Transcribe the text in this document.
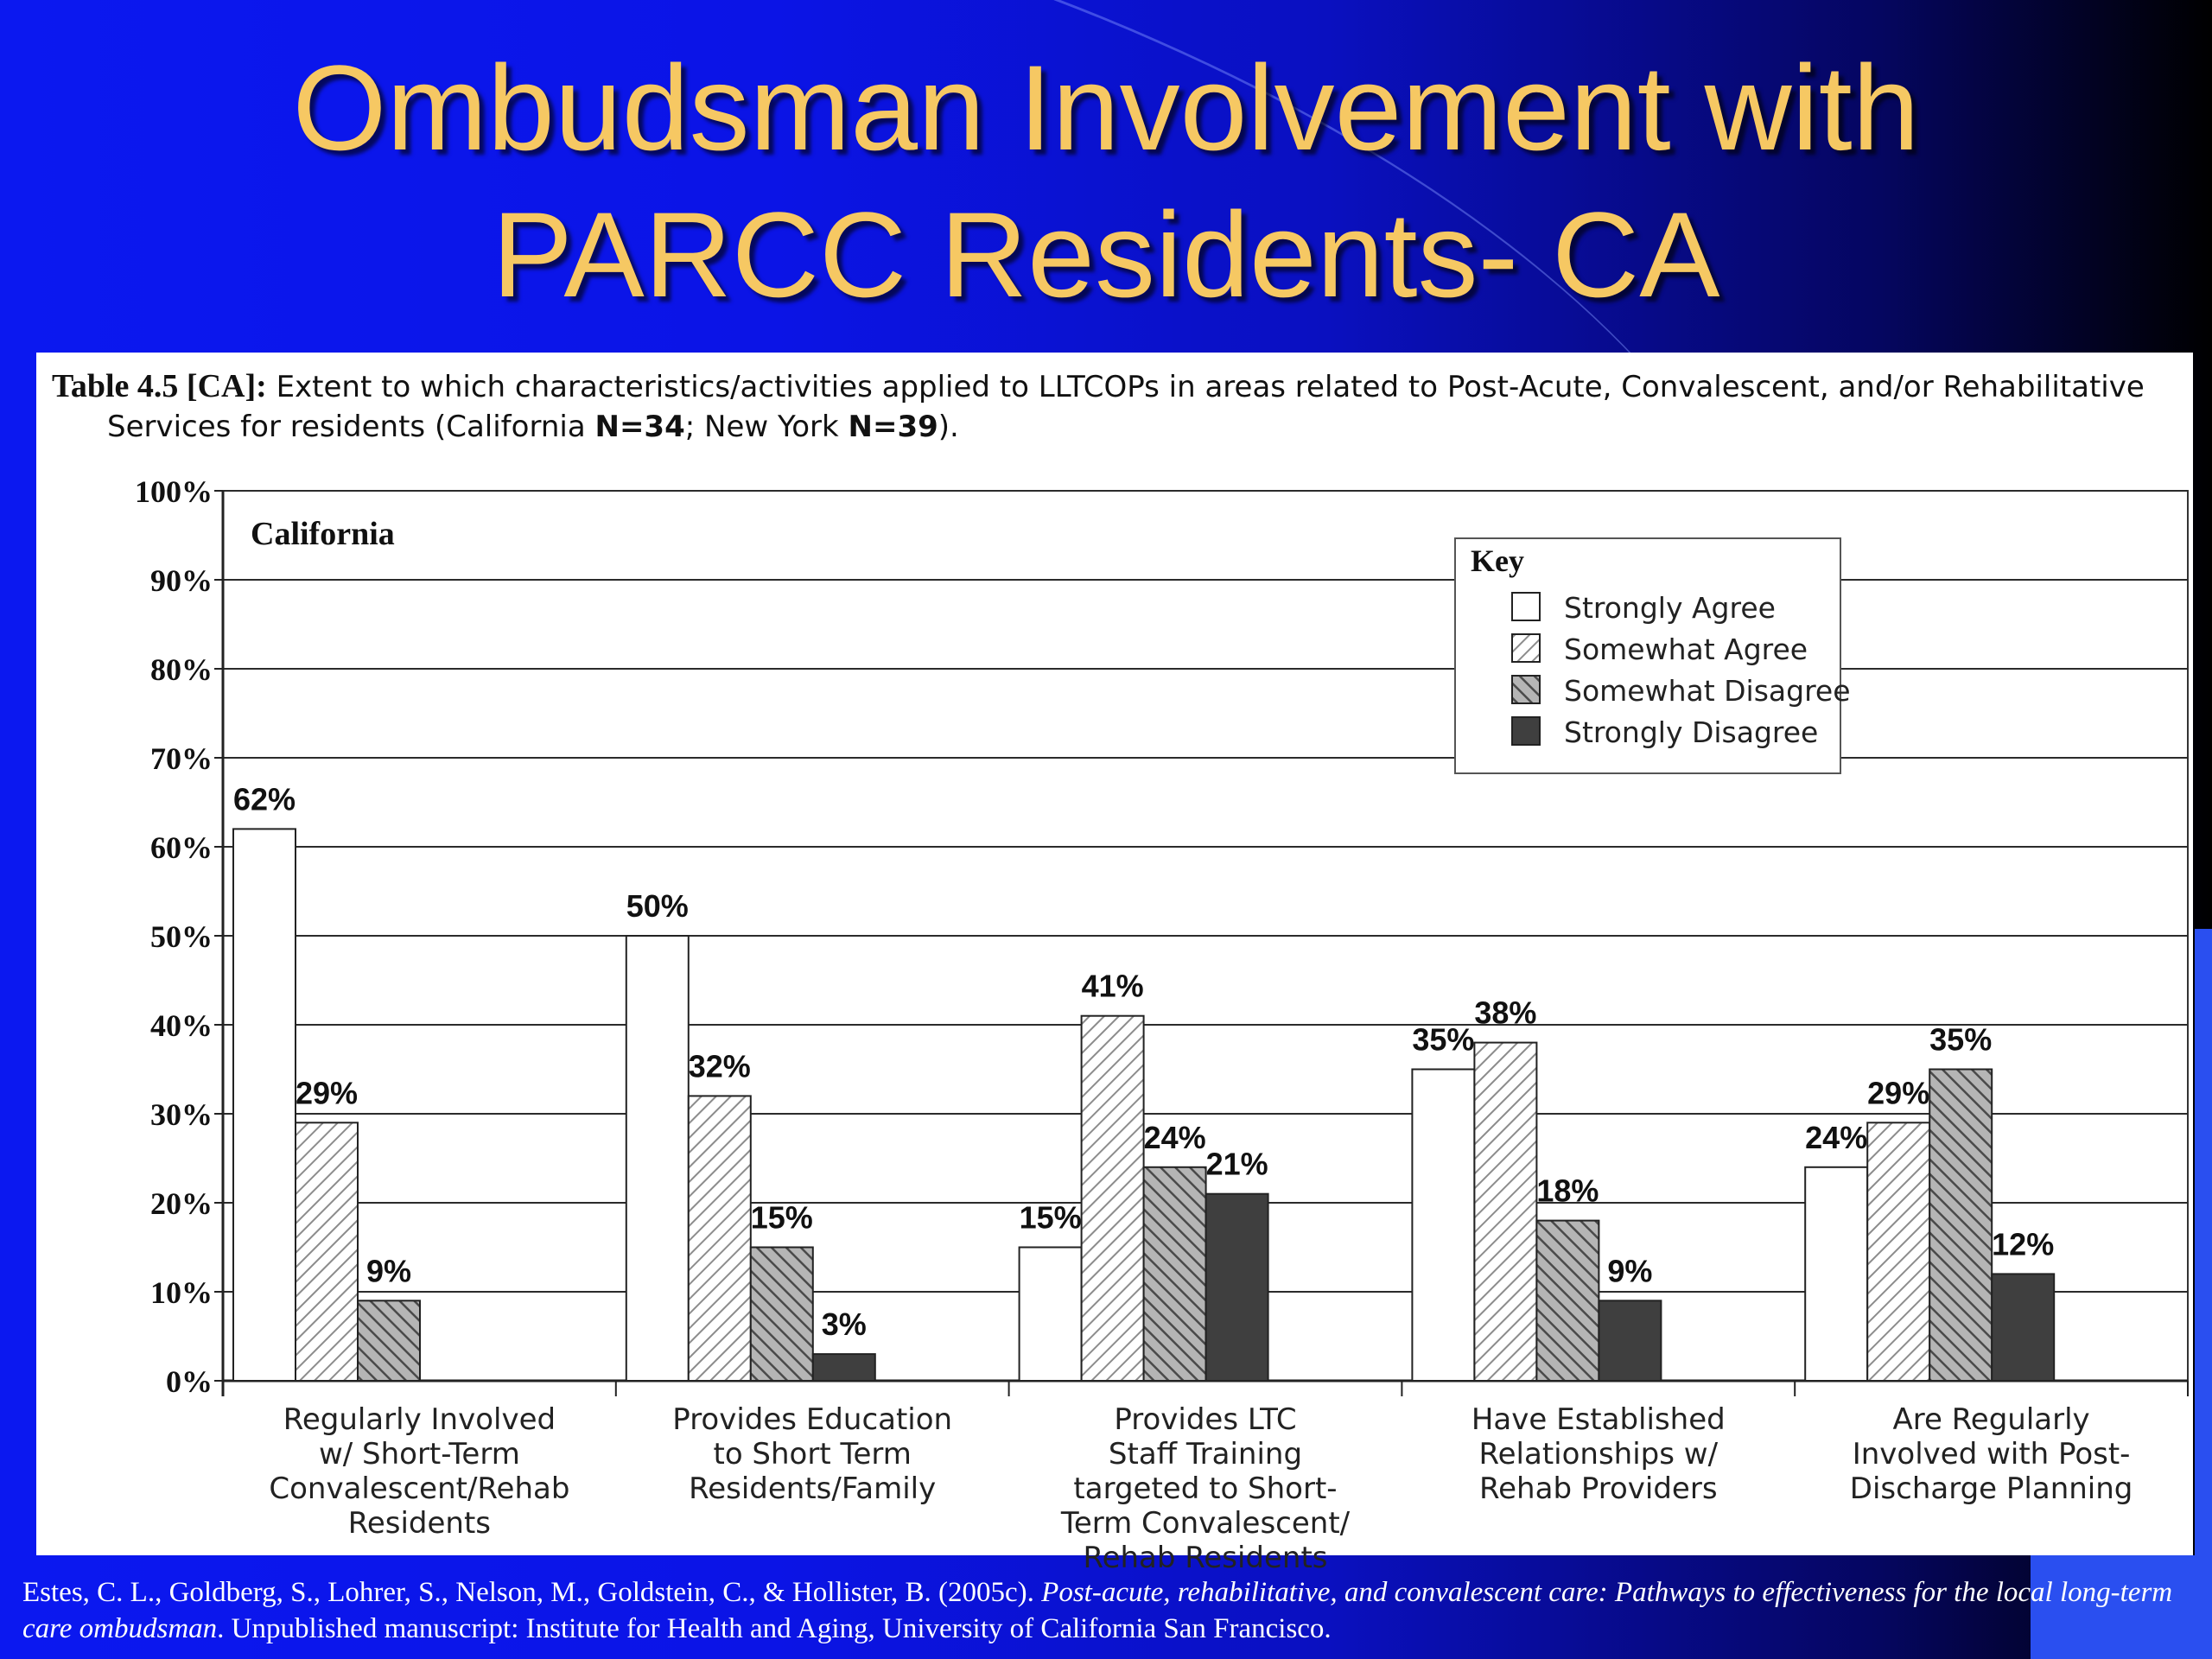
Ombudsman Involvement with
PARCC Residents- CA
Table 4.5 [CA]: Extent to which characteristics/activities applied to LLTCOPs in areas related to Post-Acute, Convalescent, and/or Rehabilitative
Services for residents (California N=34; New York N=39).
0%
10%
20%
30%
40%
50%
60%
70%
80%
90%
100%
California
Key
Strongly Agree
Somewhat Agree
Somewhat Disagree
Strongly Disagree
62%
29%
9%
Regularly Involved w/ Short-Term Convalescent/Rehab Residents
50%
32%
15%
3%
Provides Education to Short Term Residents/Family
15%
41%
24%
21%
Provides LTC Staff Training targeted to Short-Term Convalescent/ Rehab Residents
35%
38%
18%
9%
Have Established Relationships w/ Rehab Providers
24%
29%
35%
12%
Are Regularly Involved with Post-Discharge Planning
Estes, C. L., Goldberg, S., Lohrer, S., Nelson, M., Goldstein, C., & Hollister, B. (2005c). Post-acute, rehabilitative, and convalescent care: Pathways to effectiveness for the local long-term care ombudsman. Unpublished manuscript: Institute for Health and Aging, University of California San Francisco.
